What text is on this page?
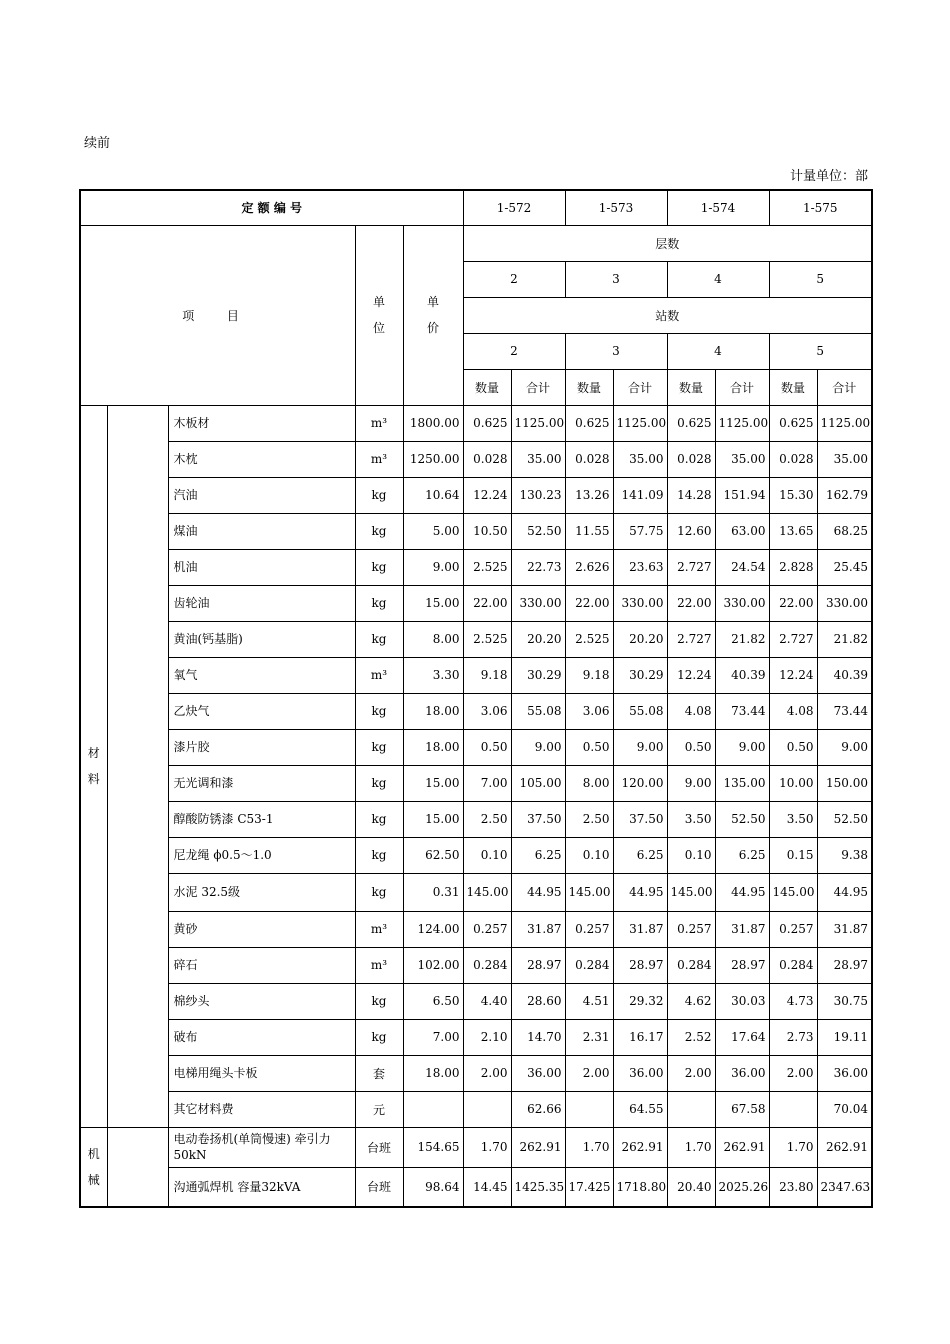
续前
计量单位：部
定 额 编 号					1-572		1-573		1-574		1-575	
项 目			单位	单价	层数							
					2		3		4		5	
					站数							
					2		3		4		5	
					数量	合计	数量	合计	数量	合计	数量	合计
材料		木板材	m³	1800.00	0.625	1125.00	0.625	1125.00	0.625	1125.00	0.625	1125.00
		木枕	m³	1250.00	0.028	35.00	0.028	35.00	0.028	35.00	0.028	35.00
		汽油	kg	10.64	12.24	130.23	13.26	141.09	14.28	151.94	15.30	162.79
		煤油	kg	5.00	10.50	52.50	11.55	57.75	12.60	63.00	13.65	68.25
		机油	kg	9.00	2.525	22.73	2.626	23.63	2.727	24.54	2.828	25.45
		齿轮油	kg	15.00	22.00	330.00	22.00	330.00	22.00	330.00	22.00	330.00
		黄油(钙基脂)	kg	8.00	2.525	20.20	2.525	20.20	2.727	21.82	2.727	21.82
		氧气	m³	3.30	9.18	30.29	9.18	30.29	12.24	40.39	12.24	40.39
		乙炔气	kg	18.00	3.06	55.08	3.06	55.08	4.08	73.44	4.08	73.44
		漆片胶	kg	18.00	0.50	9.00	0.50	9.00	0.50	9.00	0.50	9.00
		无光调和漆	kg	15.00	7.00	105.00	8.00	120.00	9.00	135.00	10.00	150.00
		醇酸防锈漆 C53-1	kg	15.00	2.50	37.50	2.50	37.50	3.50	52.50	3.50	52.50
		尼龙绳 ϕ0.5～1.0	kg	62.50	0.10	6.25	0.10	6.25	0.10	6.25	0.15	9.38
		水泥 32.5级	kg	0.31	145.00	44.95	145.00	44.95	145.00	44.95	145.00	44.95
		黄砂	m³	124.00	0.257	31.87	0.257	31.87	0.257	31.87	0.257	31.87
		碎石	m³	102.00	0.284	28.97	0.284	28.97	0.284	28.97	0.284	28.97
		棉纱头	kg	6.50	4.40	28.60	4.51	29.32	4.62	30.03	4.73	30.75
		破布	kg	7.00	2.10	14.70	2.31	16.17	2.52	17.64	2.73	19.11
		电梯用绳头卡板	套	18.00	2.00	36.00	2.00	36.00	2.00	36.00	2.00	36.00
		其它材料费	元			62.66		64.55		67.58		70.04
机械		电动卷扬机(单筒慢速) 牵引力50kN	台班	154.65	1.70	262.91	1.70	262.91	1.70	262.91	1.70	262.91
		沟通弧焊机 容量32kVA	台班	98.64	14.45	1425.35	17.425	1718.80	20.40	2025.26	23.80	2347.63
